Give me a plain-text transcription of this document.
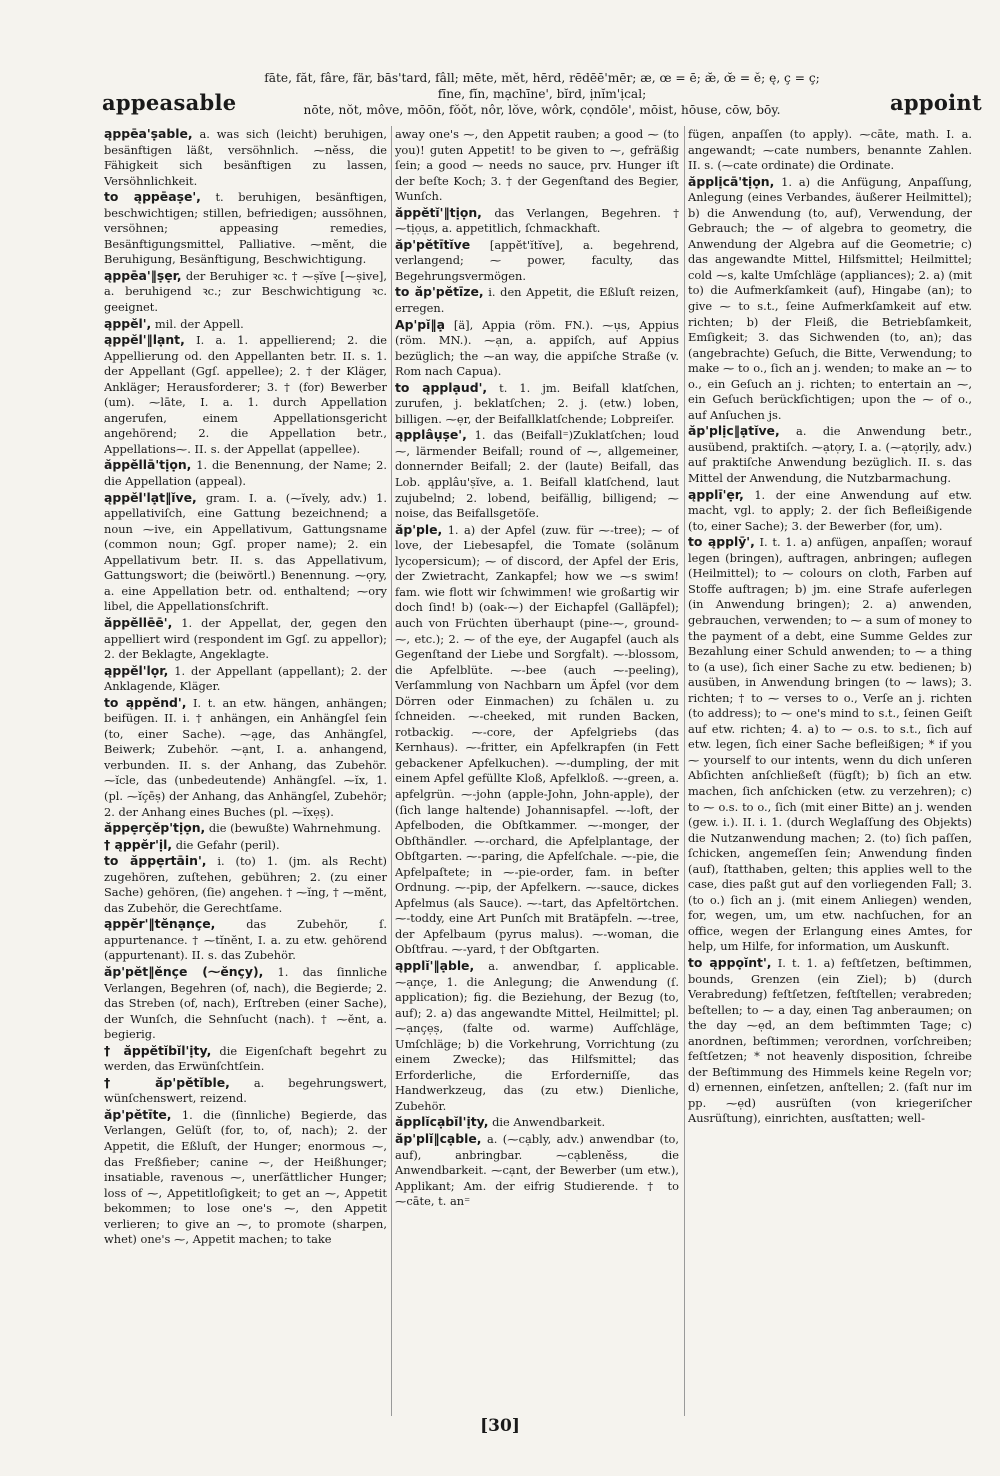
appeasable
fāte, făt, fâre, fär, bās'tard, fâll; mēte, mĕt, hērd, rēdēē'mēr; æ, œ = ē; æ̆, œ̆ = ĕ; ę, ç = ç;
fīne, fĭn, mạchīne', bĭrd, ịnĭm'ịcal;
nōte, nŏt, môve, mōōn, fŏŏt, nôr, lŏve, wôrk, cọndōle', mōist, hōuse, cōw, bōy.	appoint

ąppēa'ṣable, a. was sich (leicht) beruhigen, besänftigen läßt, versöhnlich. ⁓nĕss, die Fähigkeit sich besänftigen zu lassen, Versöhnlichkeit.

to ąppēaṣe', t. beruhigen, besänftigen, beschwichtigen; stillen, befriedigen; aussöhnen, versöhnen; appeasing remedies, Besänftigungsmittel, Palliative. ⁓mĕnt, die Beruhigung, Besänftigung, Beschwichtigung.

ąppēa'‖ṣẹr, der Beruhiger ꝛc. † ⁓ṣĭve [⁓ṣive], a. beruhigend ꝛc.; zur Beschwichtigung ꝛc. geeignet.

ąppĕl', mil. der Appell.

ąppĕl'‖lạnt, I. a. 1. appellierend; 2. die Appellierung od. den Appellanten betr. II. s. 1. der Appellant (Ggſ. appellee); 2. † der Kläger, Ankläger; Herausforderer; 3. † (for) Bewerber (um). ⁓lāte, I. a. 1. durch Appellation angerufen, einem Appellationsgericht angehörend; 2. die Appellation betr., Appellations⁓. II. s. der Appellat (appellee).

ăppĕllā'tịọn, 1. die Benennung, der Name; 2. die Appellation (appeal).

ąppĕl'lạt‖ĭve, gram. I. a. (⁓ĭvely, adv.) 1. appellativiſch, eine Gattung bezeichnend; a noun ⁓ive, ein Appellativum, Gattungsname (common noun; Ggſ. proper name); 2. ein Appellativum betr. II. s. das Appellativum, Gattungswort; die (beiwörtl.) Benennung. ⁓ọry, a. eine Appellation betr. od. enthaltend; ⁓ory libel, die Appellationsſchrift.

ăppĕllēē', 1. der Appellat, der, gegen den appelliert wird (respondent im Ggſ. zu appellor); 2. der Beklagte, Angeklagte.

ąppĕl'lọr, 1. der Appellant (appellant); 2. der Anklagende, Kläger.

to ąppĕnd', I. t. an etw. hängen, anhängen; beifügen. II. i. † anhängen, ein Anhängſel ſein (to, einer Sache). ⁓ạge, das Anhängſel, Beiwerk; Zubehör. ⁓ạnt, I. a. anhangend, verbunden. II. s. der Anhang, das Zubehör. ⁓ĭcle, das (unbedeutende) Anhängſel. ⁓ĭx, 1. (pl. ⁓ĭçēṣ) der Anhang, das Anhängſel, Zubehör; 2. der Anhang eines Buches (pl. ⁓ĭxẹṣ).

ăppẹrçĕp'tịọn, die (bewußte) Wahrnehmung.

† ąppĕr'ịl, die Gefahr (peril).

to ăppẹrtāin', i. (to) 1. (jm. als Recht) zugehören, zuſtehen, gebühren; 2. (zu einer Sache) gehören, (ſie) angehen. † ⁓ĭng, † ⁓mĕnt, das Zubehör, die Gerechtſame.

ąppĕr'‖tĕnạnçe,	das Zubehör, ſ. appurtenance. † ⁓tĭnĕnt, I. a. zu etw. gehörend (appurtenant). II. s. das Zubehör.

ăp'pĕt‖ĕnçe (⁓ĕnçy), 1. das ſinnliche Verlangen, Begehren (of, nach), die Begierde; 2. das Streben (of, nach), Erſtreben (einer Sache), der Wunſch, die Sehnſucht (nach). † ⁓ĕnt, a. begierig.

† ăppĕtĭbĭl'ịty, die Eigenſchaft begehrt zu werden, das Erwünſchtſein.

† ăp'pĕtĭble, a. begehrungswert, wünſchenswert, reizend.

ăp'pĕtīte, 1. die (ſinnliche) Begierde, das Verlangen, Gelüſt (for, to, of, nach); 2. der Appetit, die Eßluſt, der Hunger; enormous ⁓, das Freßfieber; canine ⁓, der Heißhunger; insatiable, ravenous ⁓, unerſättlicher Hunger; loss of ⁓, Appetitloſigkeit; to get an ⁓, Appetit bekommen; to lose one's ⁓, den Appetit verlieren; to give an ⁓, to promote (sharpen, whet) one's ⁓, Appetit machen; to take

away one's ⁓, den Appetit rauben; a good ⁓ (to you)! guten Appetit! to be given to ⁓, gefräßig ſein; a good ⁓ needs no sauce, prv. Hunger iſt der beſte Koch; 3. † der Gegenſtand des Begier, Wunſch.

ăppĕtĭ'‖tịọn, das Verlangen, Begehren. † ⁓tịọụs, a. appetitlich, ſchmackhaft.

ăp'pĕtītĭve [appĕt'ĭtĭve], a. begehrend, verlangend; ⁓ power, faculty, das Begehrungsvermögen.

to ăp'pĕtīze, i. den Appetit, die Eßluſt reizen, erregen.

Ap'pĭ‖ạ [ä], Appia (röm. FN.). ⁓ụs, Appius (röm. MN.). ⁓ạn, a. appiſch, auf Appius bezüglich; the ⁓an way, die appiſche Straße (v. Rom nach Capua).

to ąpplạud', t. 1. jm. Beifall klatſchen, zurufen, j. beklatſchen; 2. j. (etw.) loben, billigen. ⁓ẹr, der Beifallklatſchende; Lobpreiſer.

ąpplâụṣe', 1. das (Beifall⁼)Zuklatſchen; loud ⁓, lärmender Beifall; round of ⁓, allgemeiner, donnernder Beifall; 2. der (laute) Beifall, das Lob. ąpplâu'ṣĭve, a. 1. Beifall klatſchend, laut zujubelnd; 2. lobend, beifällig, billigend; ⁓ noise, das Beifallsgetöſe.

ăp'ple, 1. a) der Apfel (zuw. für ⁓-tree); ⁓ of love, der Liebesapfel, die Tomate (solānum lycopersicum); ⁓ of discord, der Apfel der Eris, der Zwietracht, Zankapfel; how we ⁓s swim! fam. wie flott wir ſchwimmen! wie großartig wir doch ſind! b) (oak-⁓) der Eichapfel (Galläpfel); auch von Früchten überhaupt (pine-⁓, ground-⁓, etc.); 2. ⁓ of the eye, der Augapfel (auch als Gegenſtand der Liebe und Sorgfalt). ⁓-blossom, die Apfelblüte. ⁓-bee (auch ⁓-peeling), Verſammlung von Nachbarn um Äpfel (vor dem Dörren oder Einmachen) zu ſchälen u. zu ſchneiden. ⁓-cheeked, mit runden Backen, rotbackig. ⁓-core, der Apfelgriebs (das Kernhaus). ⁓-fritter, ein Apfelkrapfen (in Fett gebackener Apfelkuchen). ⁓-dumpling, der mit einem Apfel gefüllte Kloß, Apfelkloß. ⁓-green, a. apfelgrün. ⁓-john (apple-John, John-apple), der (ſich lange haltende) Johannisapfel. ⁓-loft, der Apfelboden, die Obſtkammer. ⁓-monger, der Obſthändler. ⁓-orchard, die Apfelplantage, der Obſtgarten. ⁓-paring, die Apfelſchale. ⁓-pie, die Apfelpaſtete; in ⁓-pie-order, fam. in beſter Ordnung. ⁓-pip, der Apfelkern. ⁓-sauce, dickes Apfelmus (als Sauce). ⁓-tart, das Apfeltörtchen. ⁓-toddy, eine Art Punſch mit Bratäpfeln. ⁓-tree, der Apfelbaum (pyrus malus). ⁓-woman, die Obſtfrau. ⁓-yard, † der Obſtgarten.

ąpplĭ'‖ạble, a. anwendbar, ſ. applicable. ⁓ạnçe, 1. die Anlegung; die Anwendung (ſ. application); fig. die Beziehung, der Bezug (to, auf); 2. a) das angewandte Mittel, Heilmittel; pl. ⁓ạnçẹṣ, (falte od. warme) Aufſchläge, Umſchläge; b) die Vorkehrung, Vorrichtung (zu einem Zwecke); das Hilfsmittel; das Erforderliche, die Erforderniſſe, das Handwerkzeug, das (zu etw.) Dienliche, Zubehör.

ăpplĭcạbĭl'ịty, die Anwendbarkeit.

ăp'plĭ‖cạble, a. (⁓cạbly, adv.) anwendbar (to, auf), anbringbar. ⁓cạblenĕss, die Anwendbarkeit. ⁓cạnt, der Bewerber (um etw.), Applikant; Am. der eifrig Studierende. † to ⁓cāte, t. an⁼

fügen, anpaſſen (to apply). ⁓cāte, math. I. a. angewandt; ⁓cate numbers, benannte Zahlen. II. s. (⁓cate ordinate) die Ordinate.

ăpplịcā'tịọn, 1. a) die Anfügung, Anpaſſung, Anlegung (eines Verbandes, äußerer Heilmittel); b) die Anwendung (to, auf), Verwendung, der Gebrauch; the ⁓ of algebra to geometry, die Anwendung der Algebra auf die Geometrie; c) das angewandte Mittel, Hilfsmittel; Heilmittel; cold ⁓s, kalte Umſchläge (appliances); 2. a) (mit to) die Aufmerkſamkeit (auf), Hingabe (an); to give ⁓ to s.t., ſeine Aufmerkſamkeit auf etw. richten; b) der Fleiß, die Betriebſamkeit, Emſigkeit; 3. das Sichwenden (to, an); das (angebrachte) Geſuch, die Bitte, Verwendung; to make ⁓ to o., ſich an j. wenden; to make an ⁓ to o., ein Geſuch an j. richten; to entertain an ⁓, ein Geſuch berückſichtigen; upon the ⁓ of o., auf Anſuchen js.

ăp'plịc‖ạtĭve, a. die Anwendung betr., ausübend, praktiſch. ⁓ạtọry, I. a. (⁓ạtọrịly, adv.) auf praktiſche Anwendung bezüglich. II. s. das Mittel der Anwendung, die Nutzbarmachung.

ąpplī'ẹr, 1. der eine Anwendung auf etw. macht, vgl. to apply; 2. der ſich Befleißigende (to, einer Sache); 3. der Bewerber (for, um).

to ąpplȳ', I. t. 1. a) anfügen, anpaſſen; worauf legen (bringen), auftragen, anbringen; auflegen (Heilmittel); to ⁓ colours on cloth, Farben auf Stoffe auftragen; b) jm. eine Strafe auferlegen (in Anwendung bringen); 2. a) anwenden, gebrauchen, verwenden; to ⁓ a sum of money to the payment of a debt, eine Summe Geldes zur Bezahlung einer Schuld anwenden; to ⁓ a thing to (a use), ſich einer Sache zu etw. bedienen; b) ausüben, in Anwendung bringen (to ⁓ laws); 3. richten; † to ⁓ verses to o., Verſe an j. richten (to address); to ⁓ one's mind to s.t., ſeinen Geiſt auf etw. richten; 4. a) to ⁓ o.s. to s.t., ſich auf etw. legen, ſich einer Sache befleißigen; * if you ⁓ yourself to our intents, wenn du dich unſeren Abſichten anſchließeſt (fügſt); b) ſich an etw. machen, ſich anſchicken (etw. zu verzehren); c) to ⁓ o.s. to o., ſich (mit einer Bitte) an j. wenden (gew. i.). II. i. 1. (durch Weglaſſung des Objekts) die Nutzanwendung machen; 2. (to) ſich paſſen, ſchicken, angemeſſen ſein; Anwendung finden (auf), ſtatthaben, gelten; this applies well to the case, dies paßt gut auf den vorliegenden Fall; 3. (to o.) ſich an j. (mit einem Anliegen) wenden, for, wegen, um, um etw. nachſuchen, for an office, wegen der Erlangung eines Amtes, for help, um Hilfe, for information, um Auskunft.

to ąppọĭnt', I. t. 1. a) feſtſetzen, beſtimmen, bounds, Grenzen (ein Ziel); b) (durch Verabredung) feſtſetzen, feſtſtellen; verabreden; beſtellen; to ⁓ a day, einen Tag anberaumen; on the day ⁓ẹd, an dem beſtimmten Tage; c) anordnen, beſtimmen; verordnen, vorſchreiben; feſtſetzen; * not heavenly disposition, ſchreibe der Beſtimmung des Himmels keine Regeln vor; d) ernennen, einſetzen, anſtellen; 2. (faſt nur im pp. ⁓ẹd) ausrüſten (von kriegeriſcher Ausrüſtung), einrichten, ausſtatten; well-

[30]
